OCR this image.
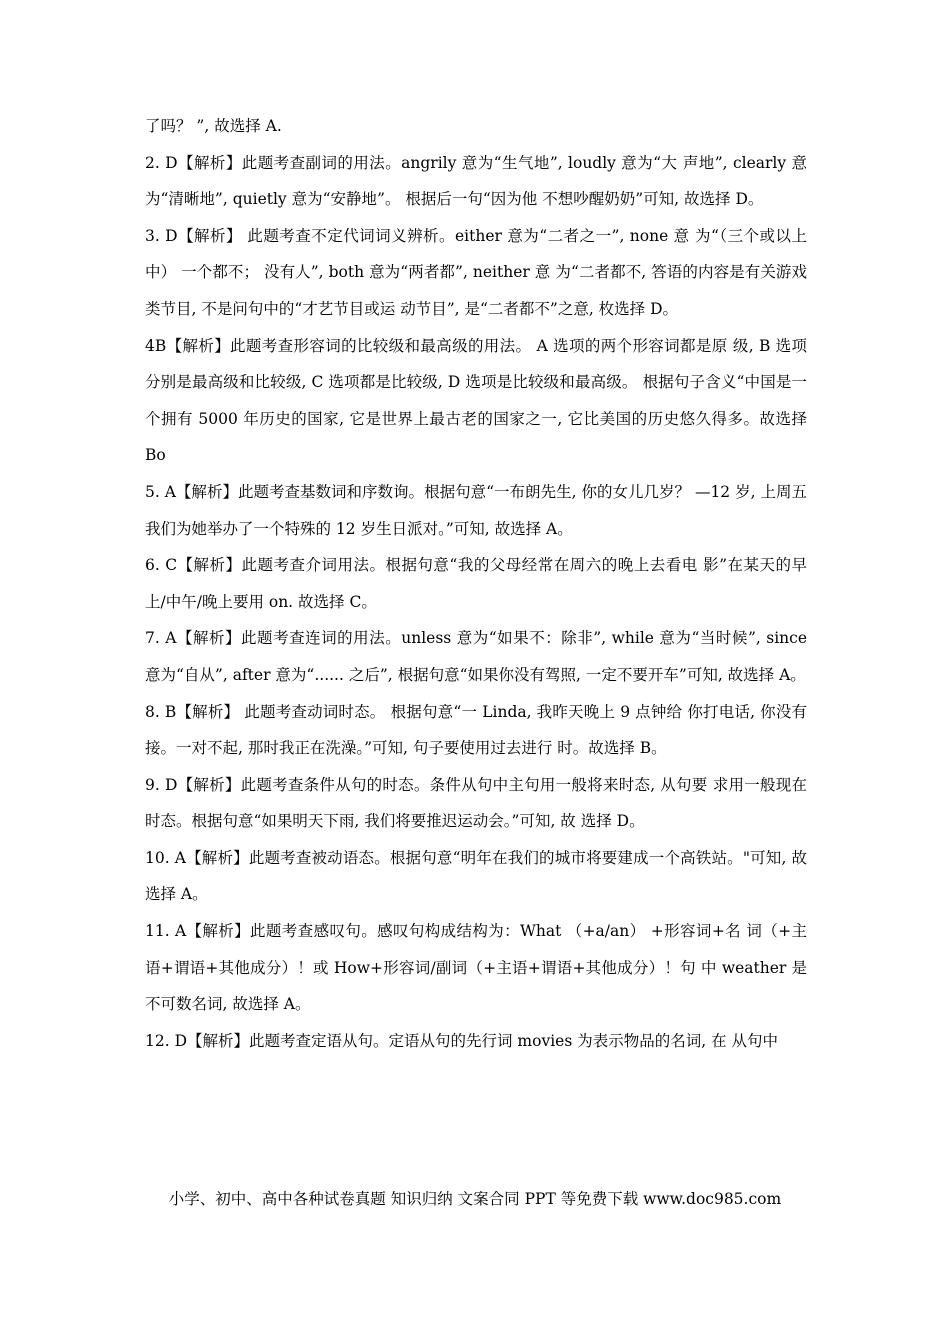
了吗？ ”, 故选择 A.

2. D【解析】此题考查副词的用法。angrily 意为“生气地”, loudly 意为“大 声地”, clearly 意为“清晰地”, quietly 意为“安静地”。 根据后一句“因为他 不想吵醒奶奶”可知, 故选择 D。

3. D【解析】 此题考查不定代词词义辨析。either 意为“二者之一”, none 意 为“（三个或以上中） 一个都不； 没有人”, both 意为“两者都”, neither 意 为“二者都不, 答语的内容是有关游戏类节目, 不是问句中的“才艺节目或运 动节目”, 是“二者都不”之意, 枚选择 D。

4B【解析】此题考查形容词的比较级和最高级的用法。 A 选项的两个形容词都是原 级, B 选项分别是最高级和比较级, C 选项都是比较级, D 选项是比较级和最高级。 根据句子含义“中国是一个拥有 5000 年历史的国家, 它是世界上最古老的国家之一, 它比美国的历史悠久得多。故选择 Bo

5. A【解析】此题考查基数词和序数询。根据句意“一布朗先生, 你的女儿几岁？ —12 岁, 上周五我们为她举办了一个特殊的 12 岁生日派对。”可知, 故选择 A。

6. C【解析】此题考查介词用法。根据句意“我的父母经常在周六的晚上去看电 影”在某天的早上/中午/晚上要用 on. 故选择 C。

7. A【解析】此题考查连词的用法。unless 意为“如果不：除非”, while 意为“当时候”, since 意为“自从”, after 意为“...... 之后”, 根据句意“如果你没有驾照, 一定不要开车”可知, 故选择 A。

8. B【解析】 此题考查动词时态。 根据句意“一 Linda, 我昨天晚上 9 点钟给 你打电话, 你没有接。一对不起, 那时我正在洗澡。”可知, 句子要使用过去进行 时。故选择 B。

9. D【解析】此题考查条件从句的时态。条件从句中主句用一般将来时态, 从句要 求用一般现在时态。根据句意“如果明天下雨, 我们将要推迟运动会。”可知, 故 选择 D。

10. A【解析】此题考查被动语态。根据句意“明年在我们的城市将要建成一个高铁站。"可知, 故选择 A。

11. A【解析】此题考查感叹句。感叹句构成结构为：What （+a/an） +形容词+名 词（+主语+谓语+其他成分）！或 How+形容词/副词（+主语+谓语+其他成分）！句 中 weather 是不可数名词, 故选择 A。

12. D【解析】此题考查定语从句。定语从句的先行词 movies 为表示物品的名词, 在 从句中

小学、初中、高中各种试卷真题 知识归纳 文案合同 PPT 等免费下载 www.doc985.com
